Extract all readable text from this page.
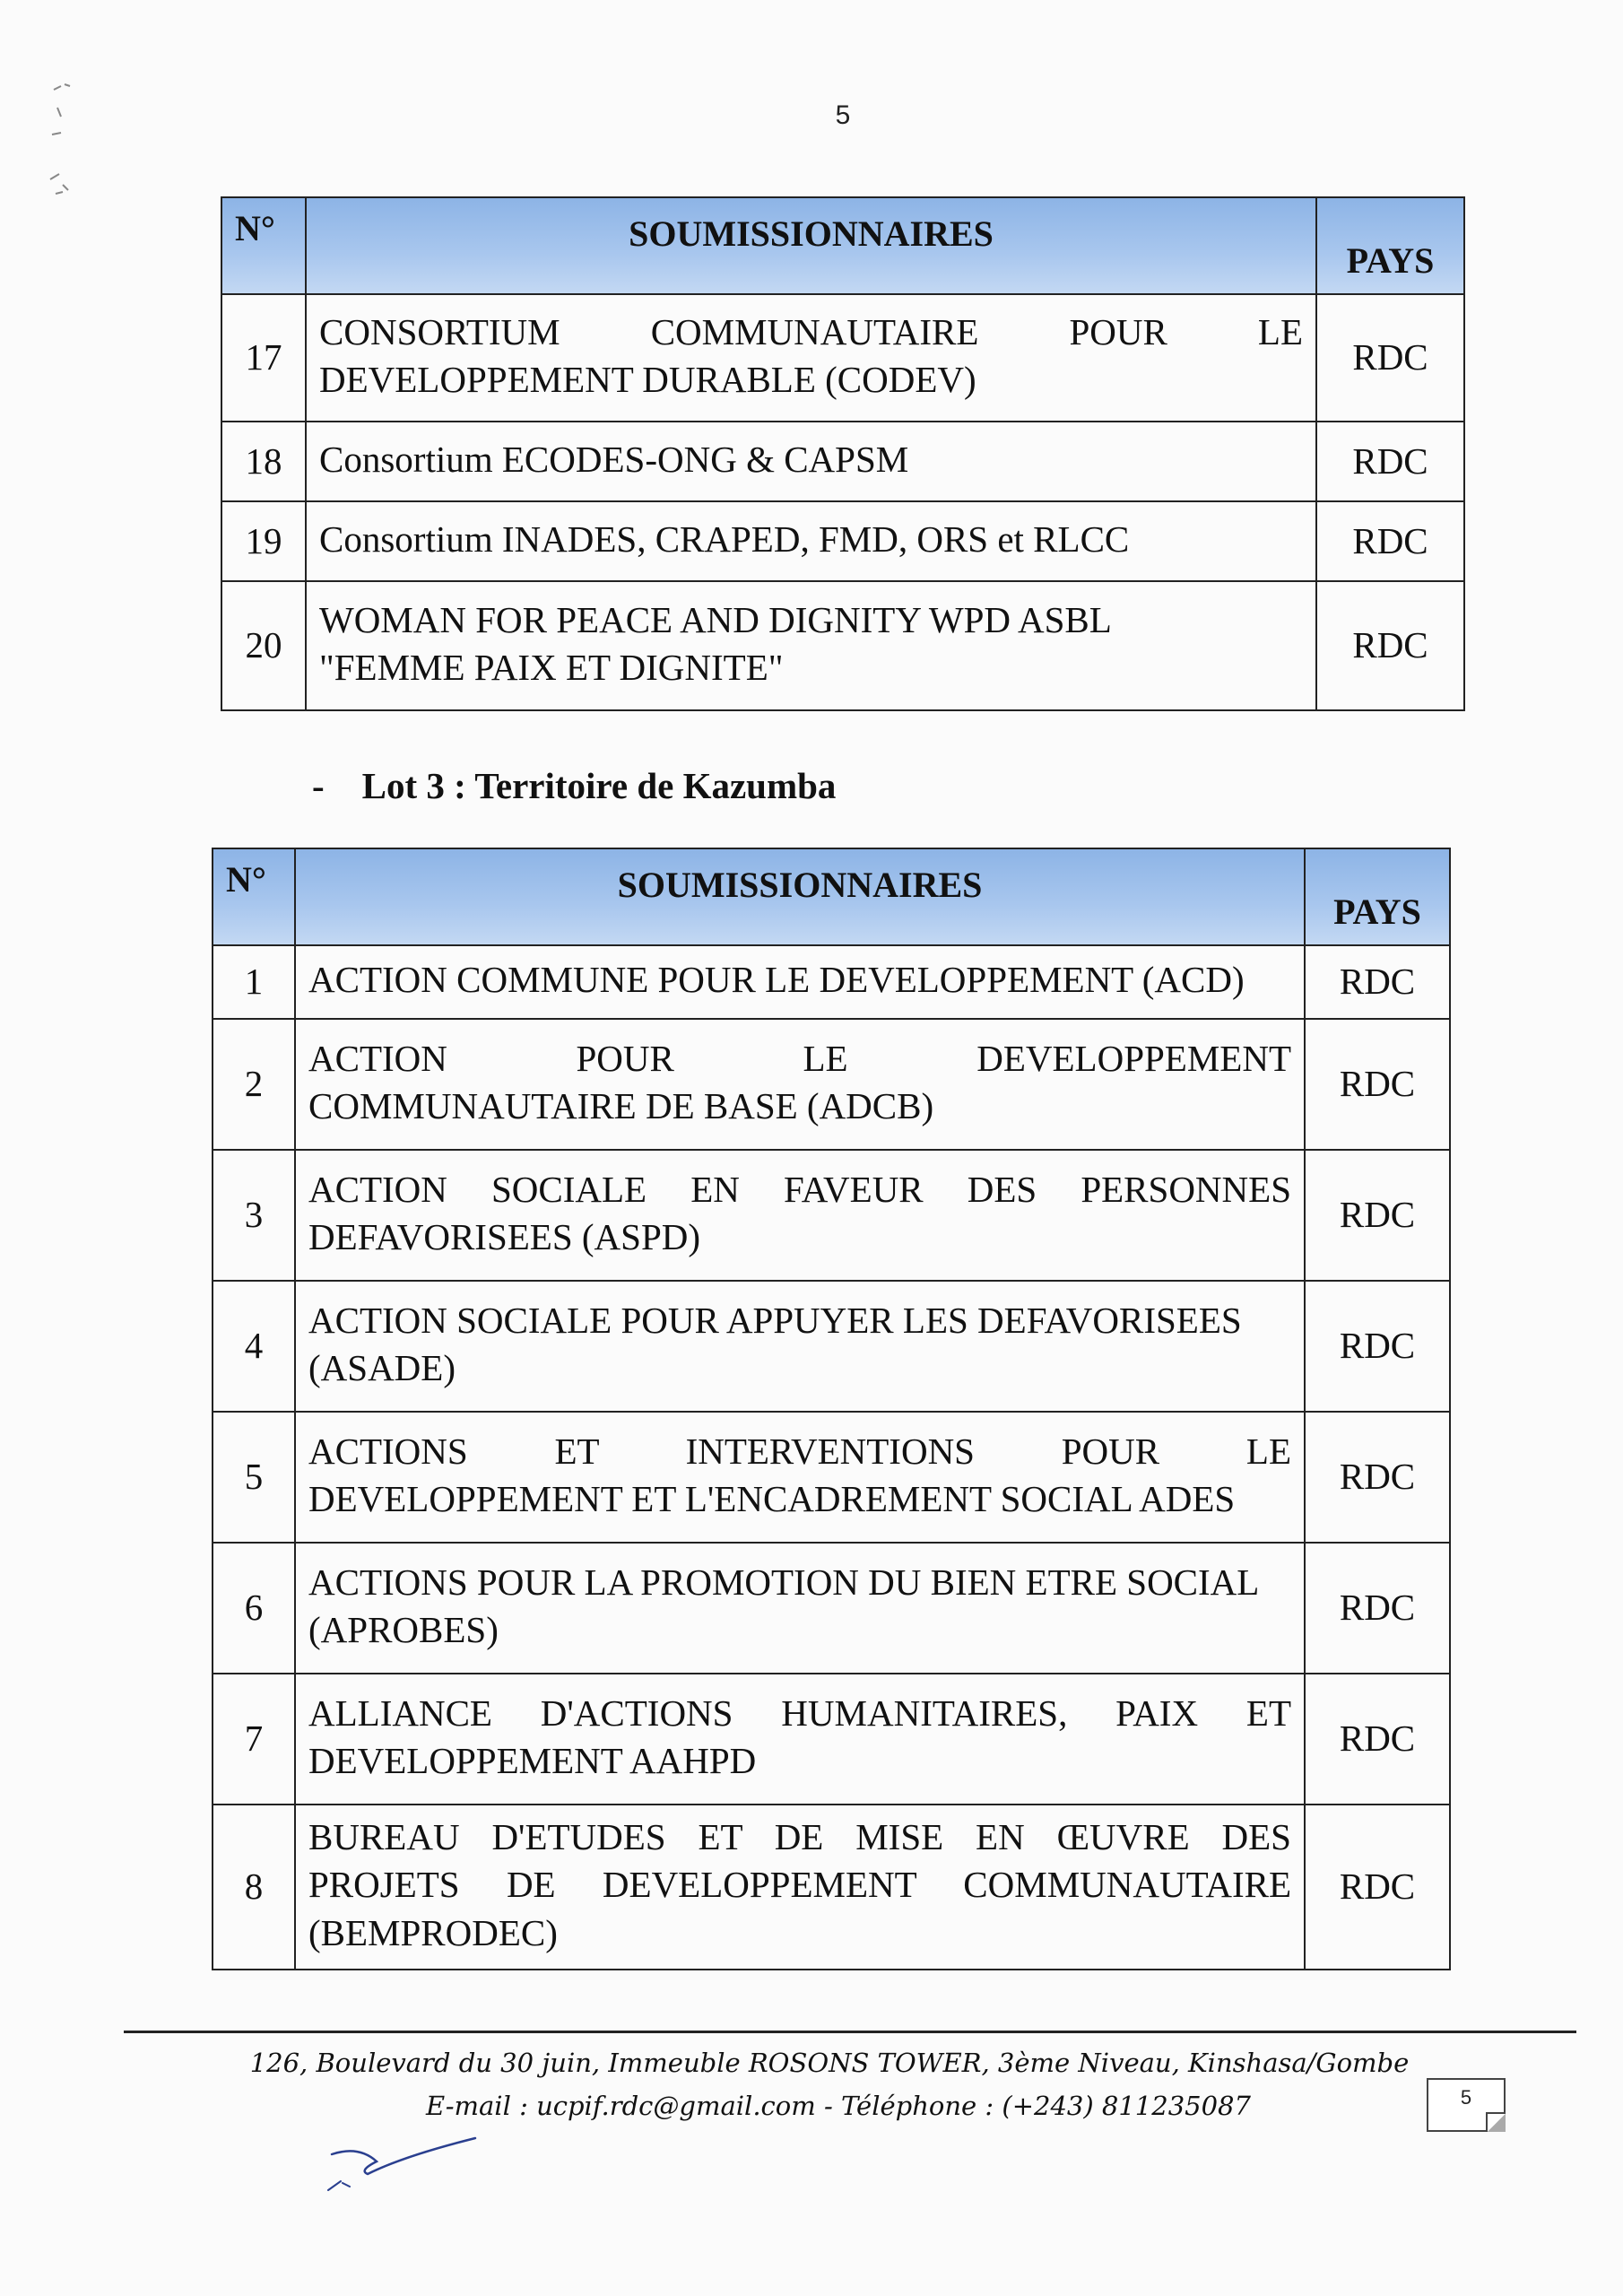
5
N°	SOUMISSIONNAIRES	PAYS
17	CONSORTIUM COMMUNAUTAIRE POUR LE
DEVELOPPEMENT DURABLE (CODEV)	RDC
18	Consortium ECODES-ONG & CAPSM	RDC
19	Consortium INADES, CRAPED, FMD, ORS et RLCC	RDC
20	WOMAN FOR PEACE AND DIGNITY WPD ASBL
"FEMME PAIX ET DIGNITE"	RDC
- Lot 3 : Territoire de Kazumba
N°	SOUMISSIONNAIRES	PAYS
1	ACTION COMMUNE POUR LE DEVELOPPEMENT (ACD)	RDC
2	ACTION POUR LE DEVELOPPEMENT
COMMUNAUTAIRE DE BASE (ADCB)	RDC
3	ACTION SOCIALE EN FAVEUR DES PERSONNES
DEFAVORISEES (ASPD)	RDC
4	ACTION SOCIALE POUR APPUYER LES DEFAVORISEES
(ASADE)	RDC
5	ACTIONS ET INTERVENTIONS POUR LE
DEVELOPPEMENT ET L'ENCADREMENT SOCIAL ADES	RDC
6	ACTIONS POUR LA PROMOTION DU BIEN ETRE SOCIAL
(APROBES)	RDC
7	ALLIANCE D'ACTIONS HUMANITAIRES, PAIX ET
DEVELOPPEMENT AAHPD	RDC
8	BUREAU D'ETUDES ET DE MISE EN ŒUVRE DES
PROJETS DE DEVELOPPEMENT COMMUNAUTAIRE
(BEMPRODEC)	RDC
126, Boulevard du 30 juin, Immeuble ROSONS TOWER, 3ème Niveau, Kinshasa/Gombe
E-mail : ucpif.rdc@gmail.com - Téléphone : (+243) 811235087	5
